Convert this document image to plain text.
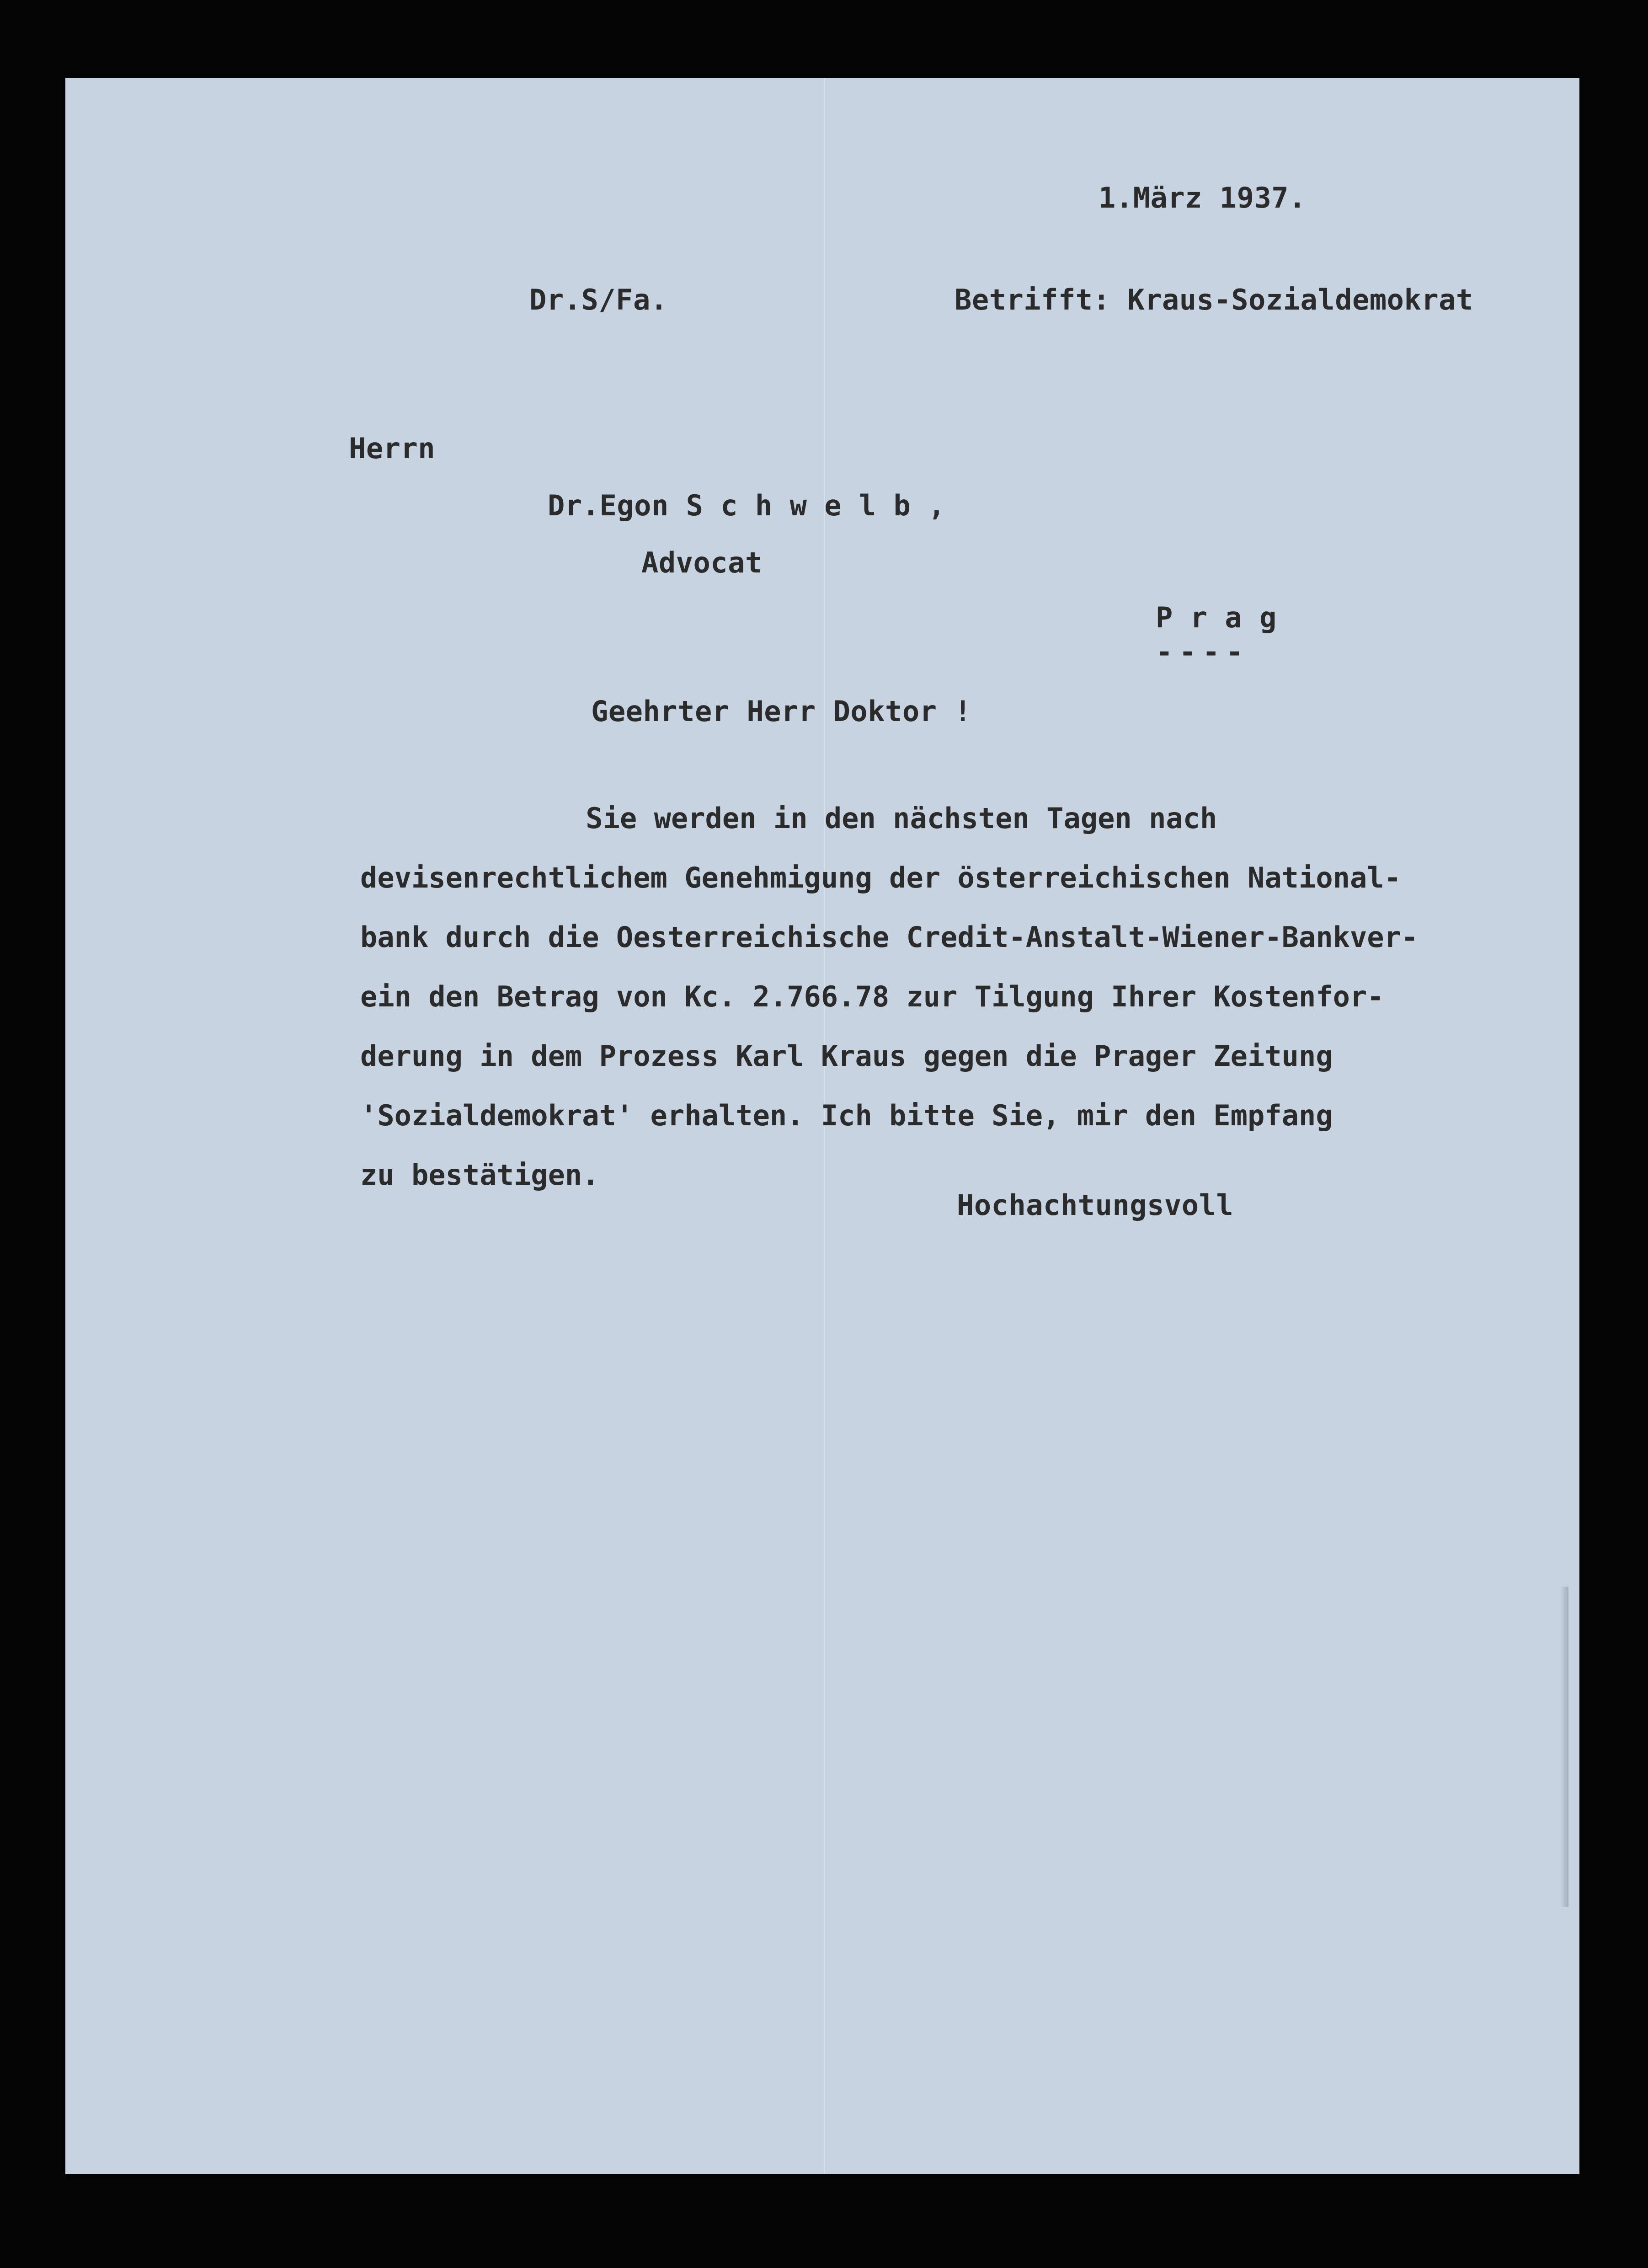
1.März 1937.

Dr.S/Fa.	Betrifft: Kraus-Sozialdemokrat

Herrn

Dr.Egon S c h w e l b ,

Advocat

P r a g

----

Geehrter Herr Doktor !

Sie werden in den nächsten Tagen nach
devisenrechtlichem Genehmigung der österreichischen National-
bank durch die Oesterreichische Credit-Anstalt-Wiener-Bankver-
ein den Betrag von Kc. 2.766.78 zur Tilgung Ihrer Kostenfor-
derung in dem Prozess Karl Kraus gegen die Prager Zeitung
'Sozialdemokrat' erhalten. Ich bitte Sie, mir den Empfang
zu bestätigen.

Hochachtungsvoll
